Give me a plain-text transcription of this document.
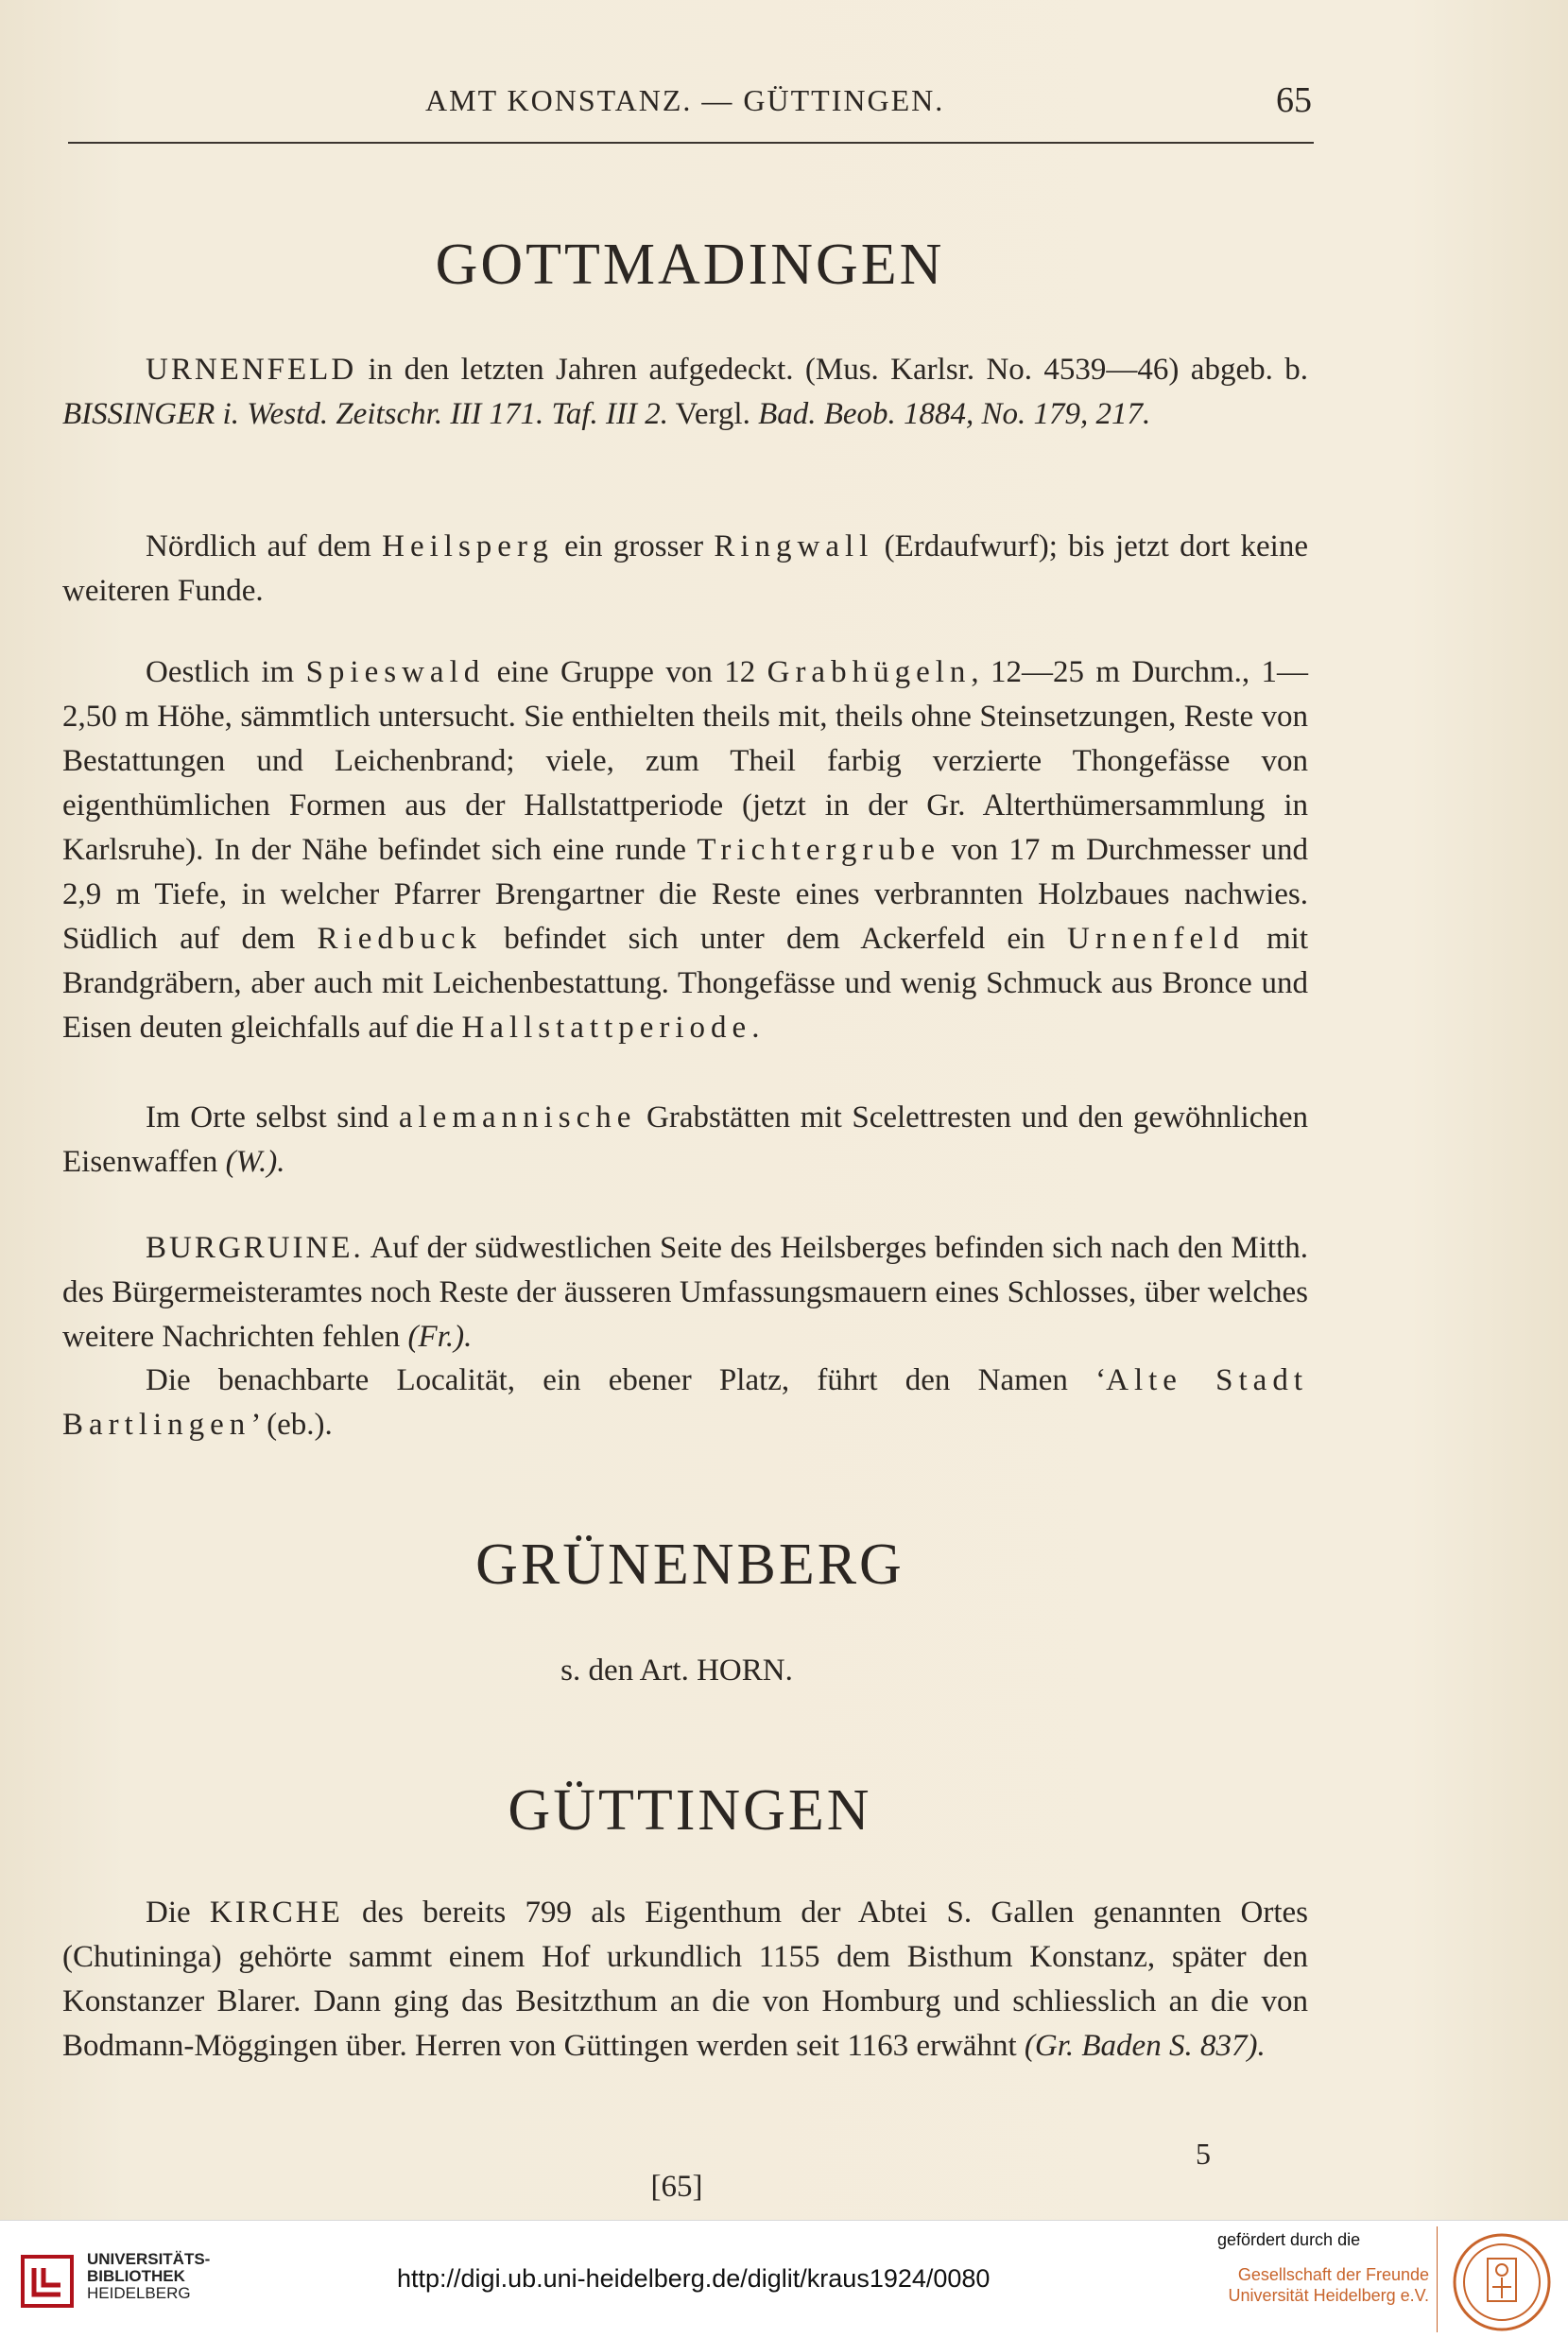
AMT KONSTANZ. — GÜTTINGEN.	65
GOTTMADINGEN
URNENFELD in den letzten Jahren aufgedeckt. (Mus. Karlsr. No. 4539—46) abgeb. b. BISSINGER i. Westd. Zeitschr. III 171. Taf. III 2. Vergl. Bad. Beob. 1884, No. 179, 217.
Nördlich auf dem Heilsperg ein grosser Ringwall (Erdaufwurf); bis jetzt dort keine weiteren Funde.
Oestlich im Spieswald eine Gruppe von 12 Grabhügeln, 12—25 m Durchm., 1—2,50 m Höhe, sämmtlich untersucht. Sie enthielten theils mit, theils ohne Steinsetzungen, Reste von Bestattungen und Leichenbrand; viele, zum Theil farbig verzierte Thongefässe von eigenthümlichen Formen aus der Hallstattperiode (jetzt in der Gr. Alterthümersammlung in Karlsruhe). In der Nähe befindet sich eine runde Trichtergrube von 17 m Durchmesser und 2,9 m Tiefe, in welcher Pfarrer Brengartner die Reste eines verbrannten Holzbaues nachwies. Südlich auf dem Riedbuck befindet sich unter dem Ackerfeld ein Urnenfeld mit Brandgräbern, aber auch mit Leichenbestattung. Thongefässe und wenig Schmuck aus Bronce und Eisen deuten gleichfalls auf die Hallstattperiode.
Im Orte selbst sind alemannische Grabstätten mit Scelettresten und den gewöhnlichen Eisenwaffen (W.).
BURGRUINE. Auf der südwestlichen Seite des Heilsberges befinden sich nach den Mitth. des Bürgermeisteramtes noch Reste der äusseren Umfassungsmauern eines Schlosses, über welches weitere Nachrichten fehlen (Fr.).
Die benachbarte Localität, ein ebener Platz, führt den Namen ‘Alte Stadt Bartlingen’ (eb.).
GRÜNENBERG
s. den Art. HORN.
GÜTTINGEN
Die KIRCHE des bereits 799 als Eigenthum der Abtei S. Gallen genannten Ortes (Chutininga) gehörte sammt einem Hof urkundlich 1155 dem Bisthum Konstanz, später den Konstanzer Blarer. Dann ging das Besitzthum an die von Homburg und schliesslich an die von Bodmann-Möggingen über. Herren von Güttingen werden seit 1163 erwähnt (Gr. Baden S. 837).
5
[65]
UNIVERSITÄTS-
BIBLIOTHEK
HEIDELBERG
http://digi.ub.uni-heidelberg.de/diglit/kraus1924/0080
gefördert durch die
Gesellschaft der Freunde
Universität Heidelberg e.V.
